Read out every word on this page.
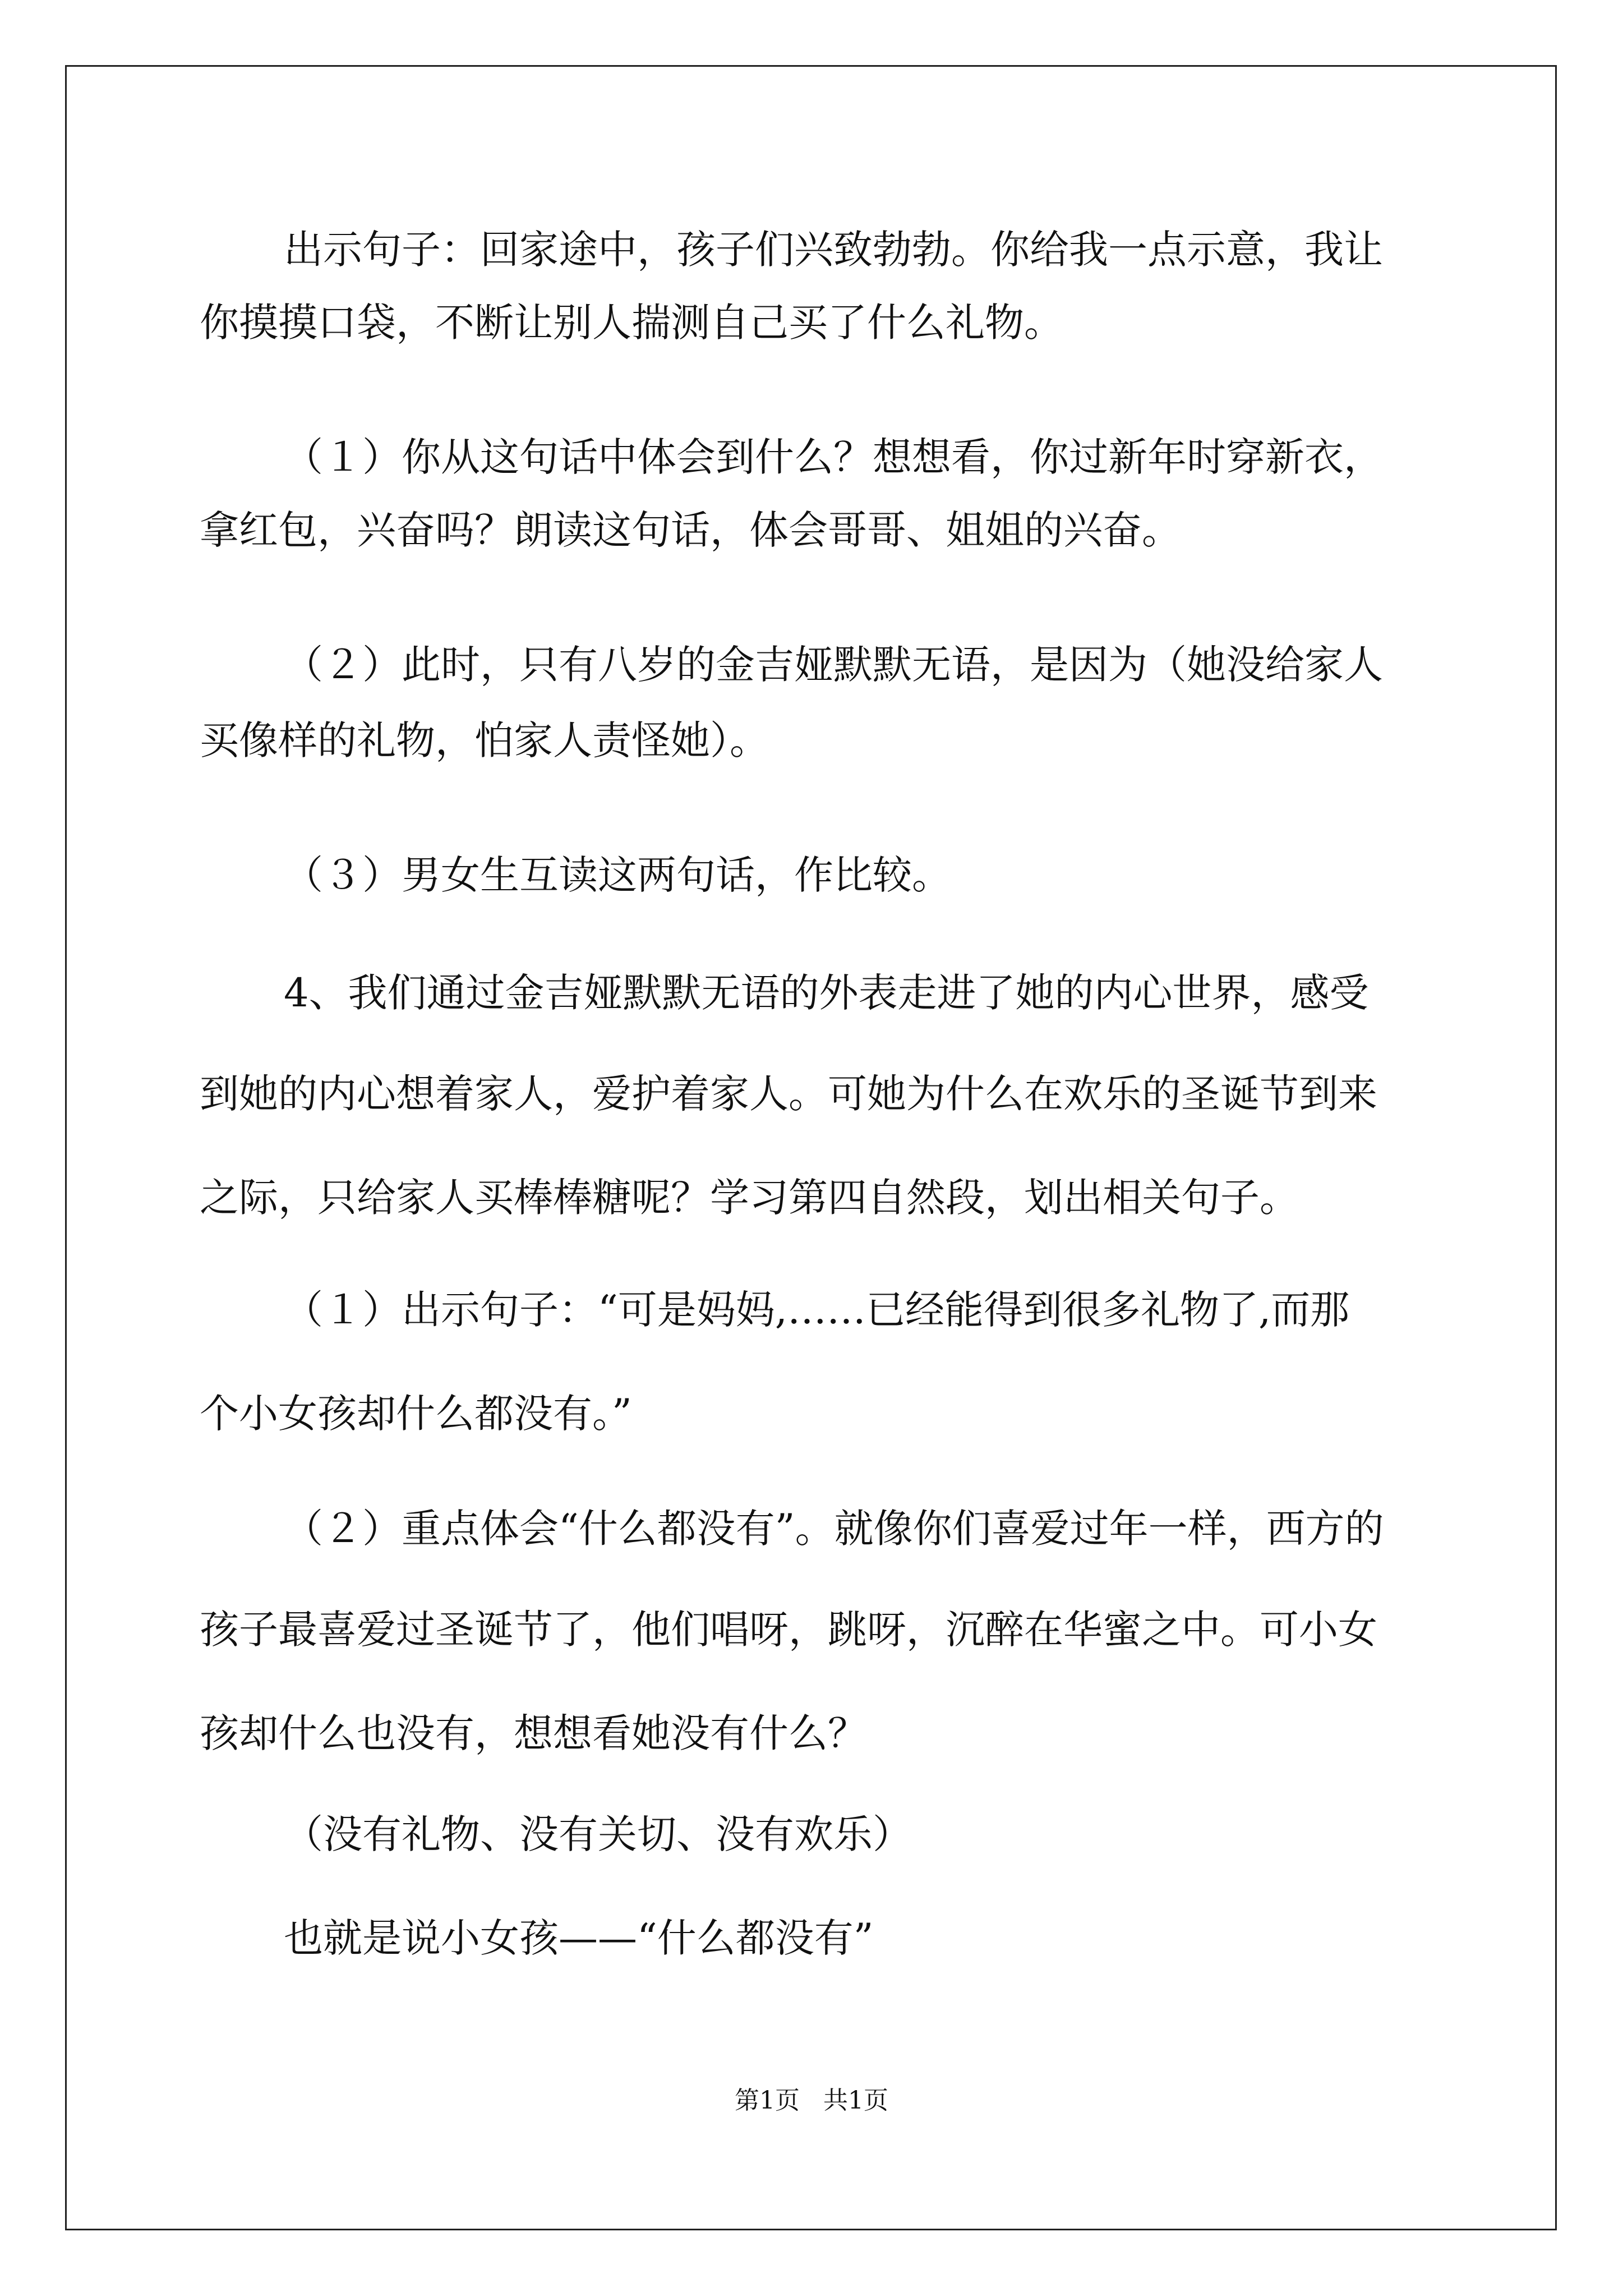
出示句子：回家途中，孩子们兴致勃勃。你给我一点示意，我让
你摸摸口袋，不断让别人揣测自己买了什么礼物。
（１）你从这句话中体会到什么？想想看，你过新年时穿新衣，
拿红包，兴奋吗？朗读这句话，体会哥哥、姐姐的兴奋。
（２）此时，只有八岁的金吉娅默默无语，是因为（她没给家人
买像样的礼物，怕家人责怪她）。
（３）男女生互读这两句话，作比较。
4、我们通过金吉娅默默无语的外表走进了她的内心世界，感受
到她的内心想着家人，爱护着家人。可她为什么在欢乐的圣诞节到来
之际，只给家人买棒棒糖呢？学习第四自然段，划出相关句子。
（１）出示句子：“可是妈妈,……已经能得到很多礼物了,而那
个小女孩却什么都没有。”
（２）重点体会“什么都没有”。就像你们喜爱过年一样，西方的
孩子最喜爱过圣诞节了，他们唱呀，跳呀，沉醉在华蜜之中。可小女
孩却什么也没有，想想看她没有什么？
（没有礼物、没有关切、没有欢乐）
也就是说小女孩——“什么都没有”
第1页 共1页
